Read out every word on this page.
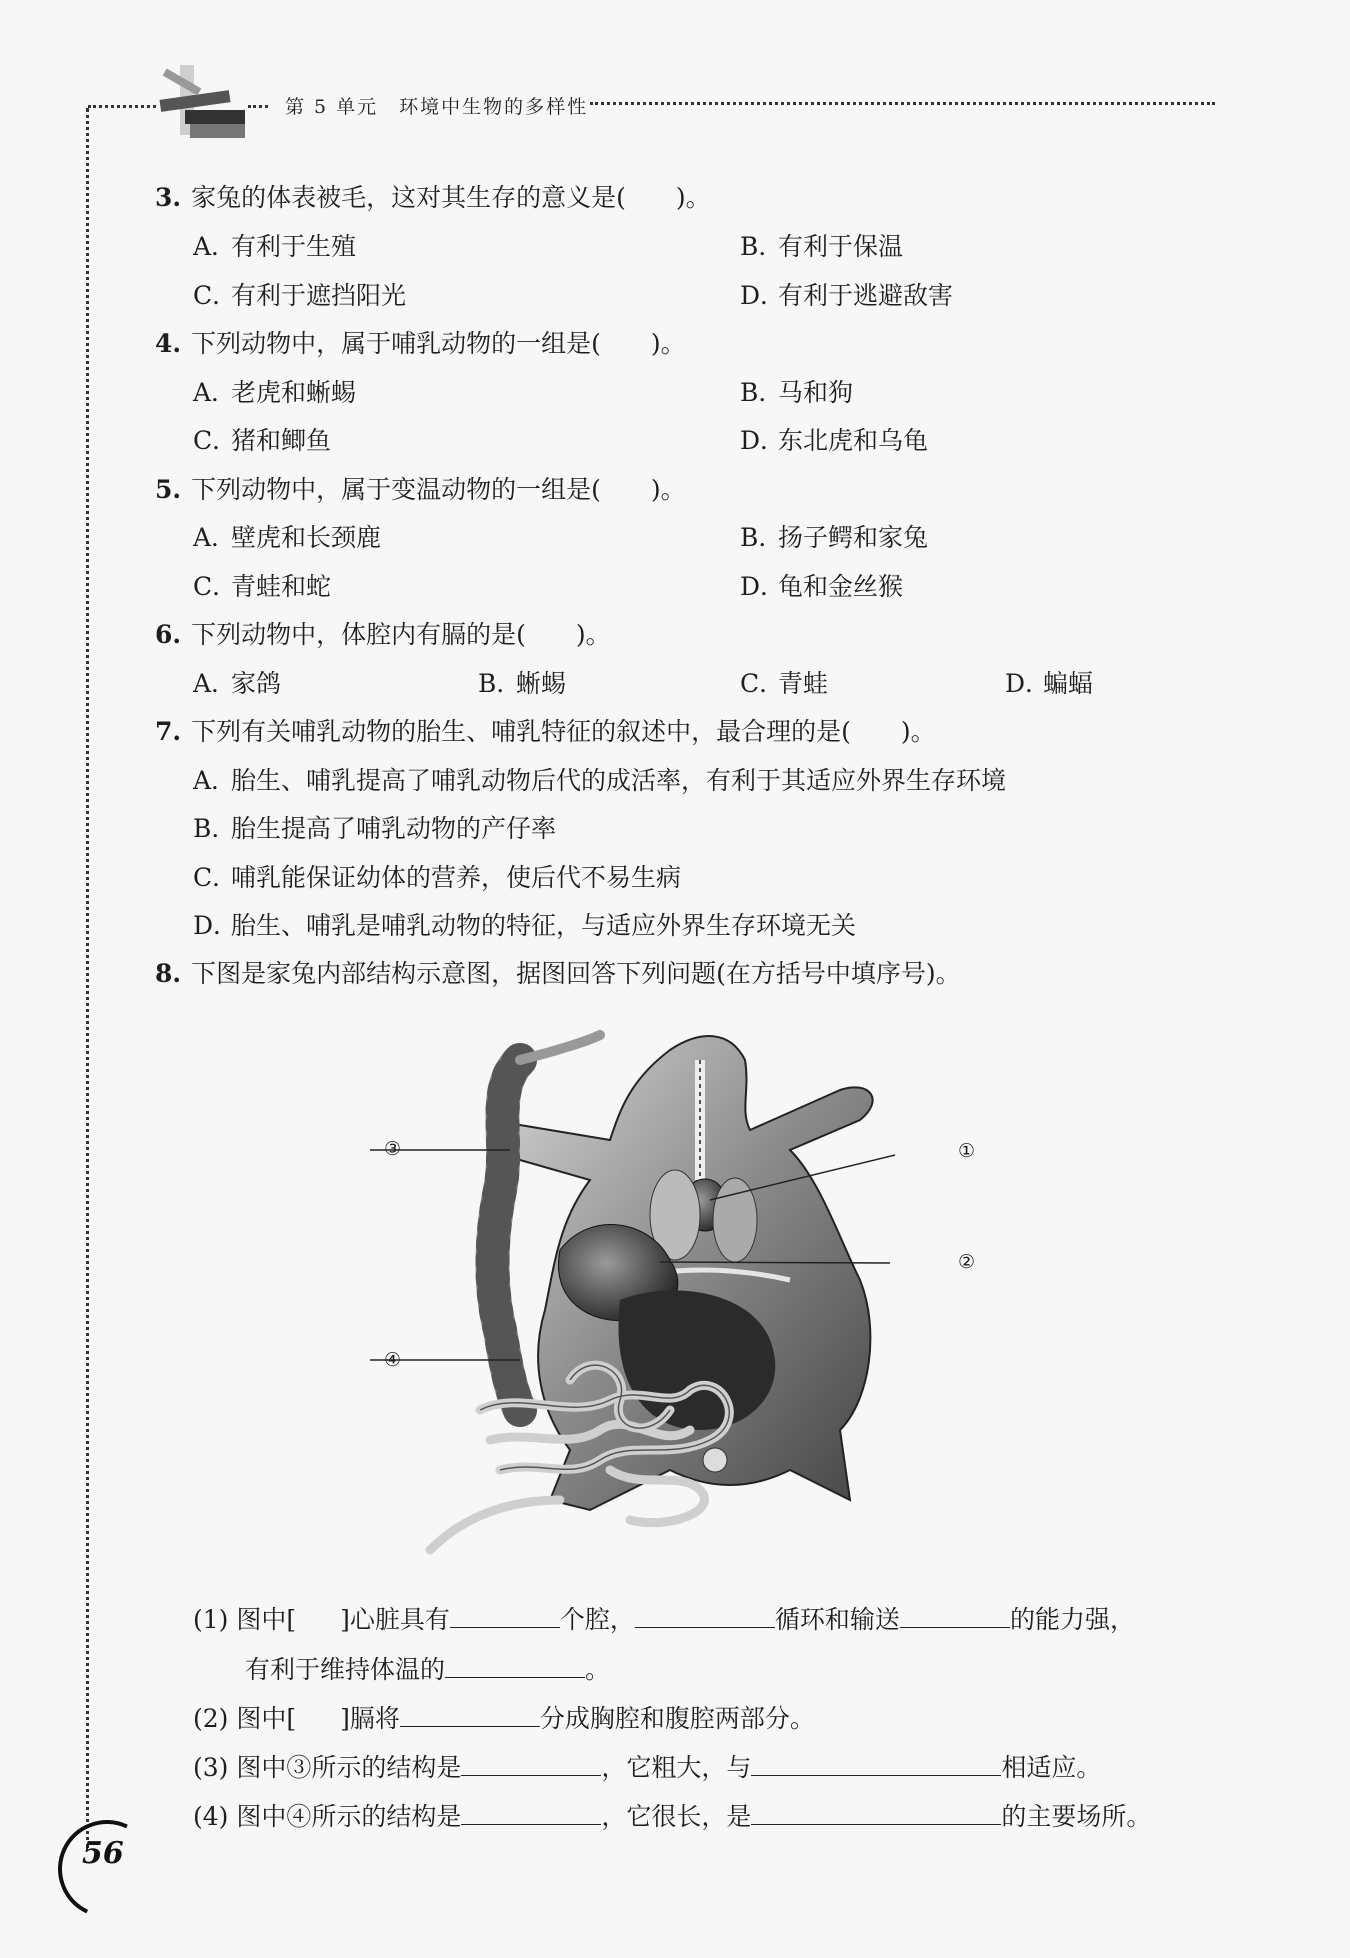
第 5 单元　环境中生物的多样性
3. 家兔的体表被毛，这对其生存的意义是(　　)。
A．有利于生殖	B．有利于保温
C．有利于遮挡阳光	D．有利于逃避敌害
4. 下列动物中，属于哺乳动物的一组是(　　)。
A．老虎和蜥蜴	B．马和狗
C．猪和鲫鱼	D．东北虎和乌龟
5. 下列动物中，属于变温动物的一组是(　　)。
A．壁虎和长颈鹿	B．扬子鳄和家兔
C．青蛙和蛇	D．龟和金丝猴
6. 下列动物中，体腔内有膈的是(　　)。
A．家鸽	B．蜥蜴	C．青蛙	D．蝙蝠
7. 下列有关哺乳动物的胎生、哺乳特征的叙述中，最合理的是(　　)。
A．胎生、哺乳提高了哺乳动物后代的成活率，有利于其适应外界生存环境
B．胎生提高了哺乳动物的产仔率
C．哺乳能保证幼体的营养，使后代不易生病
D．胎生、哺乳是哺乳动物的特征，与适应外界生存环境无关
8. 下图是家兔内部结构示意图，据图回答下列问题(在方括号中填序号)。
①
②
③
④
(1) 图中[ ]心脏具有	个腔，	循环和输送	的能力强，
有利于维持体温的	。
(2) 图中[ ]膈将	分成胸腔和腹腔两部分。
(3) 图中③所示的结构是	，它粗大，与	相适应。
(4) 图中④所示的结构是	，它很长，是	的主要场所。
56
